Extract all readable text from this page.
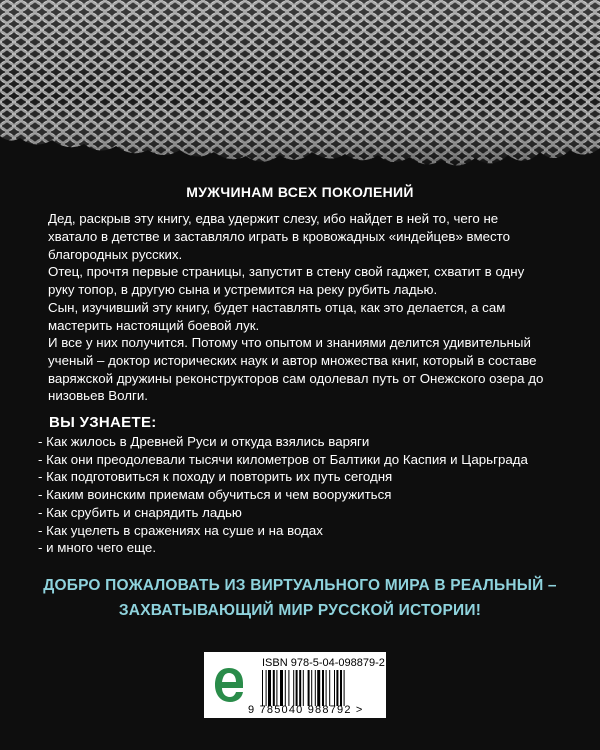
МУЖЧИНАМ ВСЕХ ПОКОЛЕНИЙ

Дед, раскрыв эту книгу, едва удержит слезу, ибо найдет в ней то, чего не хватало в детстве и заставляло играть в кровожадных «индейцев» вместо благородных русских.

Отец, прочтя первые страницы, запустит в стену свой гаджет, схватит в одну руку топор, в другую сына и устремится на реку рубить ладью.

Сын, изучивший эту книгу, будет наставлять отца, как это делается, а сам мастерить настоящий боевой лук.

И все у них получится. Потому что опытом и знаниями делится удивительный ученый – доктор исторических наук и автор множества книг, который в составе варяжской дружины реконструкторов сам одолевал путь от Онежского озера до низовьев Волги.

ВЫ УЗНАЕТЕ:
- Как жилось в Древней Руси и откуда взялись варяги
- Как они преодолевали тысячи километров от Балтики до Каспия и Царьграда
- Как подготовиться к походу и повторить их путь сегодня
- Каким воинским приемам обучиться и чем вооружиться
- Как срубить и снарядить ладью
- Как уцелеть в сражениях на суше и на водах
- и много чего еще.
ДОБРО ПОЖАЛОВАТЬ ИЗ ВИРТУАЛЬНОГО МИРА В РЕАЛЬНЫЙ –
ЗАХВАТЫВАЮЩИЙ МИР РУССКОЙ ИСТОРИИ!
ISBN 978-5-04-098879-2
9 785040 988792 >
